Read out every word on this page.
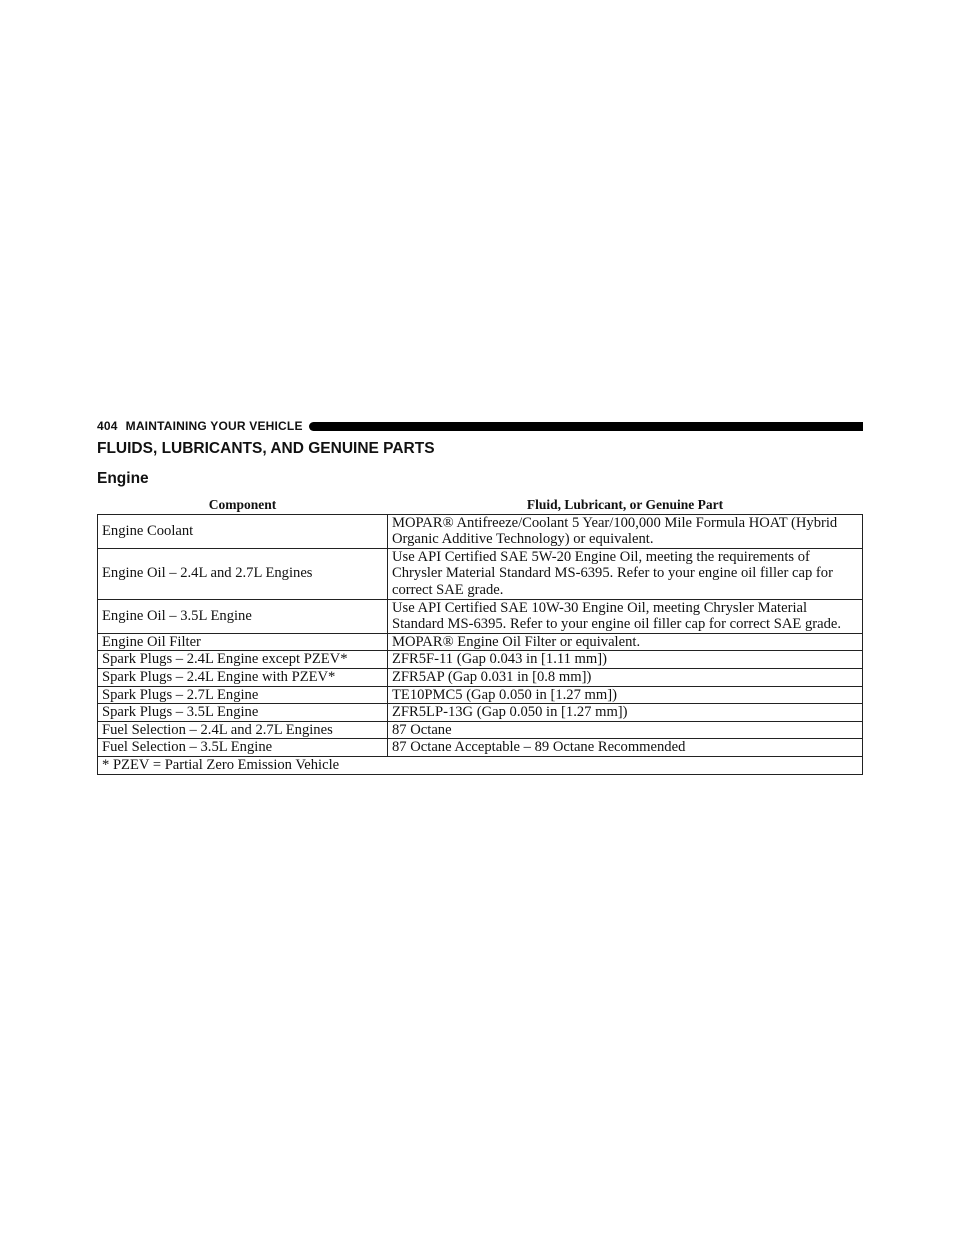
404 MAINTAINING YOUR VEHICLE
FLUIDS, LUBRICANTS, AND GENUINE PARTS
Engine
Component	Fluid, Lubricant, or Genuine Part
Engine Coolant	MOPAR® Antifreeze/Coolant 5 Year/100,000 Mile Formula HOAT (Hybrid Organic Additive Technology) or equivalent.
Engine Oil – 2.4L and 2.7L Engines	Use API Certified SAE 5W-20 Engine Oil, meeting the requirements of Chrysler Material Standard MS-6395. Refer to your engine oil filler cap for correct SAE grade.
Engine Oil – 3.5L Engine	Use API Certified SAE 10W-30 Engine Oil, meeting Chrysler Material Standard MS-6395. Refer to your engine oil filler cap for correct SAE grade.
Engine Oil Filter	MOPAR® Engine Oil Filter or equivalent.
Spark Plugs – 2.4L Engine except PZEV*	ZFR5F-11 (Gap 0.043 in [1.11 mm])
Spark Plugs – 2.4L Engine with PZEV*	ZFR5AP (Gap 0.031 in [0.8 mm])
Spark Plugs – 2.7L Engine	TE10PMC5 (Gap 0.050 in [1.27 mm])
Spark Plugs – 3.5L Engine	ZFR5LP-13G (Gap 0.050 in [1.27 mm])
Fuel Selection – 2.4L and 2.7L Engines	87 Octane
Fuel Selection – 3.5L Engine	87 Octane Acceptable – 89 Octane Recommended
* PZEV = Partial Zero Emission Vehicle	
